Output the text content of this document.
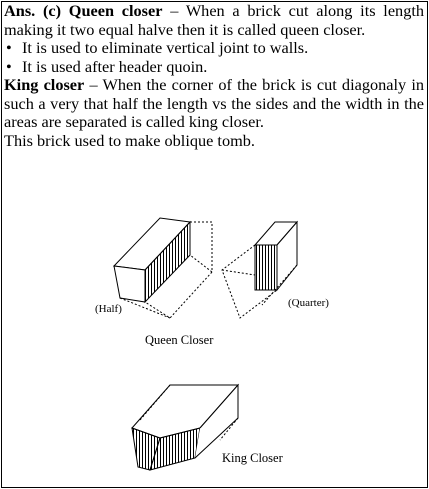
Ans. (c) Queen closer – When a brick cut along its length making it two equal halve then it is called queen closer.

• It is used to eliminate vertical joint to walls.
• It is used after header quoin.

King closer – When the corner of the brick is cut diagonaly in such a very that half the length vs the sides and the width in the areas are separated is called king closer.

This brick used to make oblique tomb.

(Half)	(Quarter)
Queen Closer
King Closer
